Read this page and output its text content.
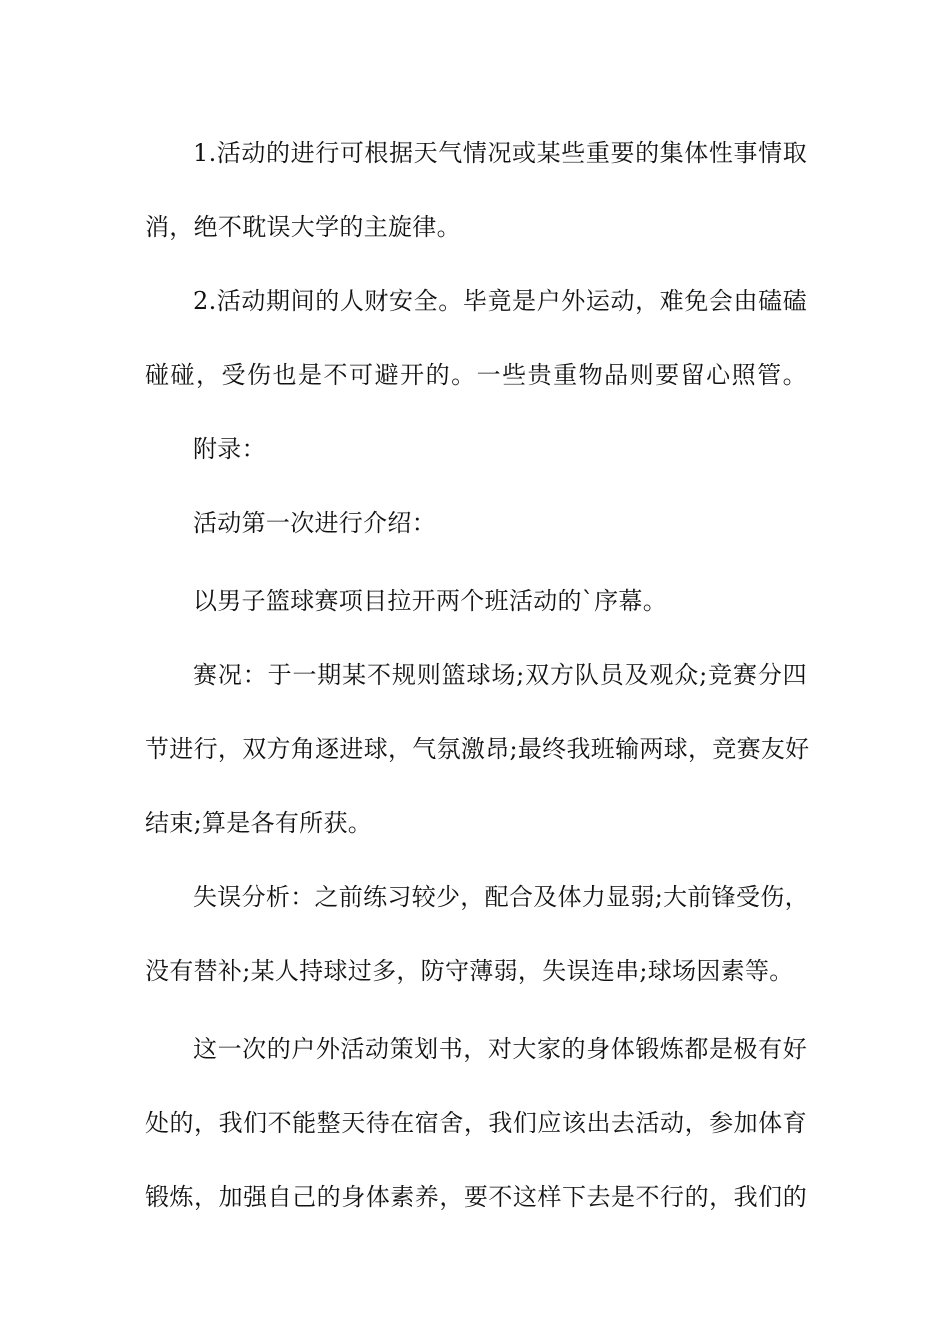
1.活动的进行可根据天气情况或某些重要的集体性事情取
消，绝不耽误大学的主旋律。
2.活动期间的人财安全。毕竟是户外运动，难免会由磕磕
碰碰，受伤也是不可避开的。一些贵重物品则要留心照管。
附录：
活动第一次进行介绍：
以男子篮球赛项目拉开两个班活动的`序幕。
赛况：于一期某不规则篮球场;双方队员及观众;竞赛分四
节进行，双方角逐进球，气氛激昂;最终我班输两球，竞赛友好
结束;算是各有所获。
失误分析：之前练习较少，配合及体力显弱;大前锋受伤，
没有替补;某人持球过多，防守薄弱，失误连串;球场因素等。
这一次的户外活动策划书，对大家的身体锻炼都是极有好
处的，我们不能整天待在宿舍，我们应该出去活动，参加体育
锻炼，加强自己的身体素养，要不这样下去是不行的，我们的
